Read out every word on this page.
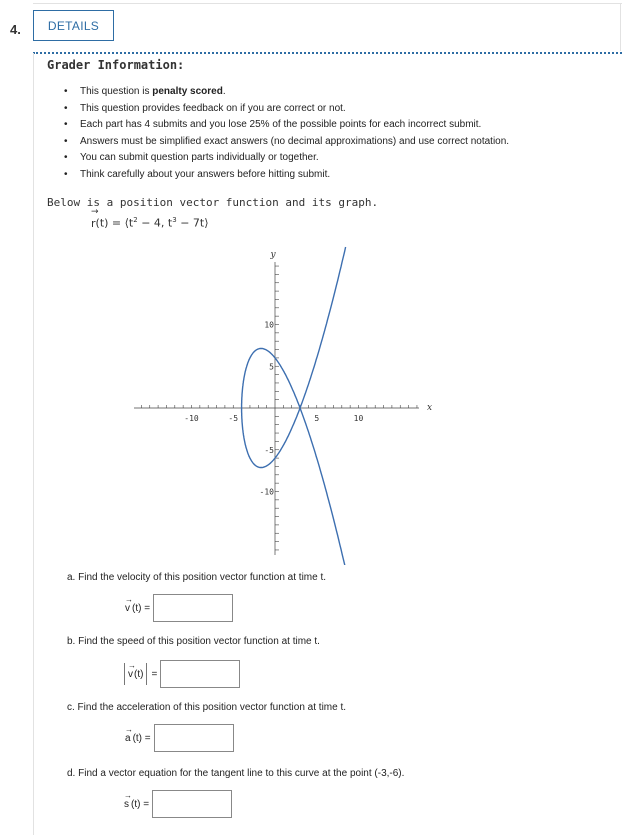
4.	DETAILS
Grader Information:
• This question is penalty scored.
• This question provides feedback on if you are correct or not.
• Each part has 4 submits and you lose 25% of the possible points for each incorrect submit.
• Answers must be simplified exact answers (no decimal approximations) and use correct notation.
• You can submit question parts individually or together.
• Think carefully about your answers before hitting submit.
Below is a position vector function and its graph.
→ $r(t) = ⟨t^2 - 4$, $t^3$ − 7t⟩
-10	-5	5	10
10
5
-5
-10
x
y
a. Find the velocity of this position vector function at time t.
→
v (t) =
b. Find the speed of this position vector function at time t.
→
v (t) =
c. Find the acceleration of this position vector function at time t.
→
a (t) =
d. Find a vector equation for the tangent line to this curve at the point (-3,-6).
→
s (t) =
